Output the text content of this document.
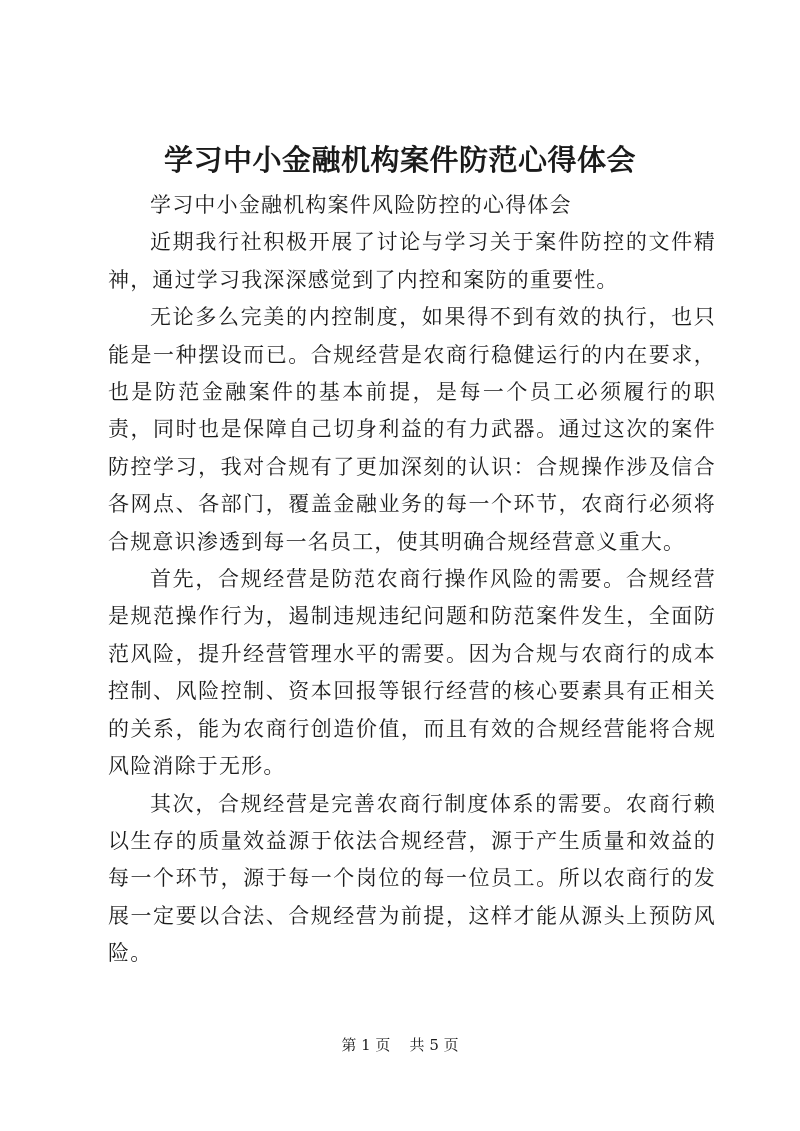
学习中小金融机构案件防范心得体会

学习中小金融机构案件风险防控的心得体会

近期我行社积极开展了讨论与学习关于案件防控的文件精神，通过学习我深深感觉到了内控和案防的重要性。

无论多么完美的内控制度，如果得不到有效的执行，也只能是一种摆设而已。合规经营是农商行稳健运行的内在要求，也是防范金融案件的基本前提，是每一个员工必须履行的职责，同时也是保障自己切身利益的有力武器。通过这次的案件防控学习，我对合规有了更加深刻的认识：合规操作涉及信合各网点、各部门，覆盖金融业务的每一个环节，农商行必须将合规意识渗透到每一名员工，使其明确合规经营意义重大。

首先，合规经营是防范农商行操作风险的需要。合规经营是规范操作行为，遏制违规违纪问题和防范案件发生，全面防范风险，提升经营管理水平的需要。因为合规与农商行的成本控制、风险控制、资本回报等银行经营的核心要素具有正相关的关系，能为农商行创造价值，而且有效的合规经营能将合规风险消除于无形。

其次，合规经营是完善农商行制度体系的需要。农商行赖以生存的质量效益源于依法合规经营，源于产生质量和效益的每一个环节，源于每一个岗位的每一位员工。所以农商行的发展一定要以合法、合规经营为前提，这样才能从源头上预防风险。

第 1 页 共 5 页
